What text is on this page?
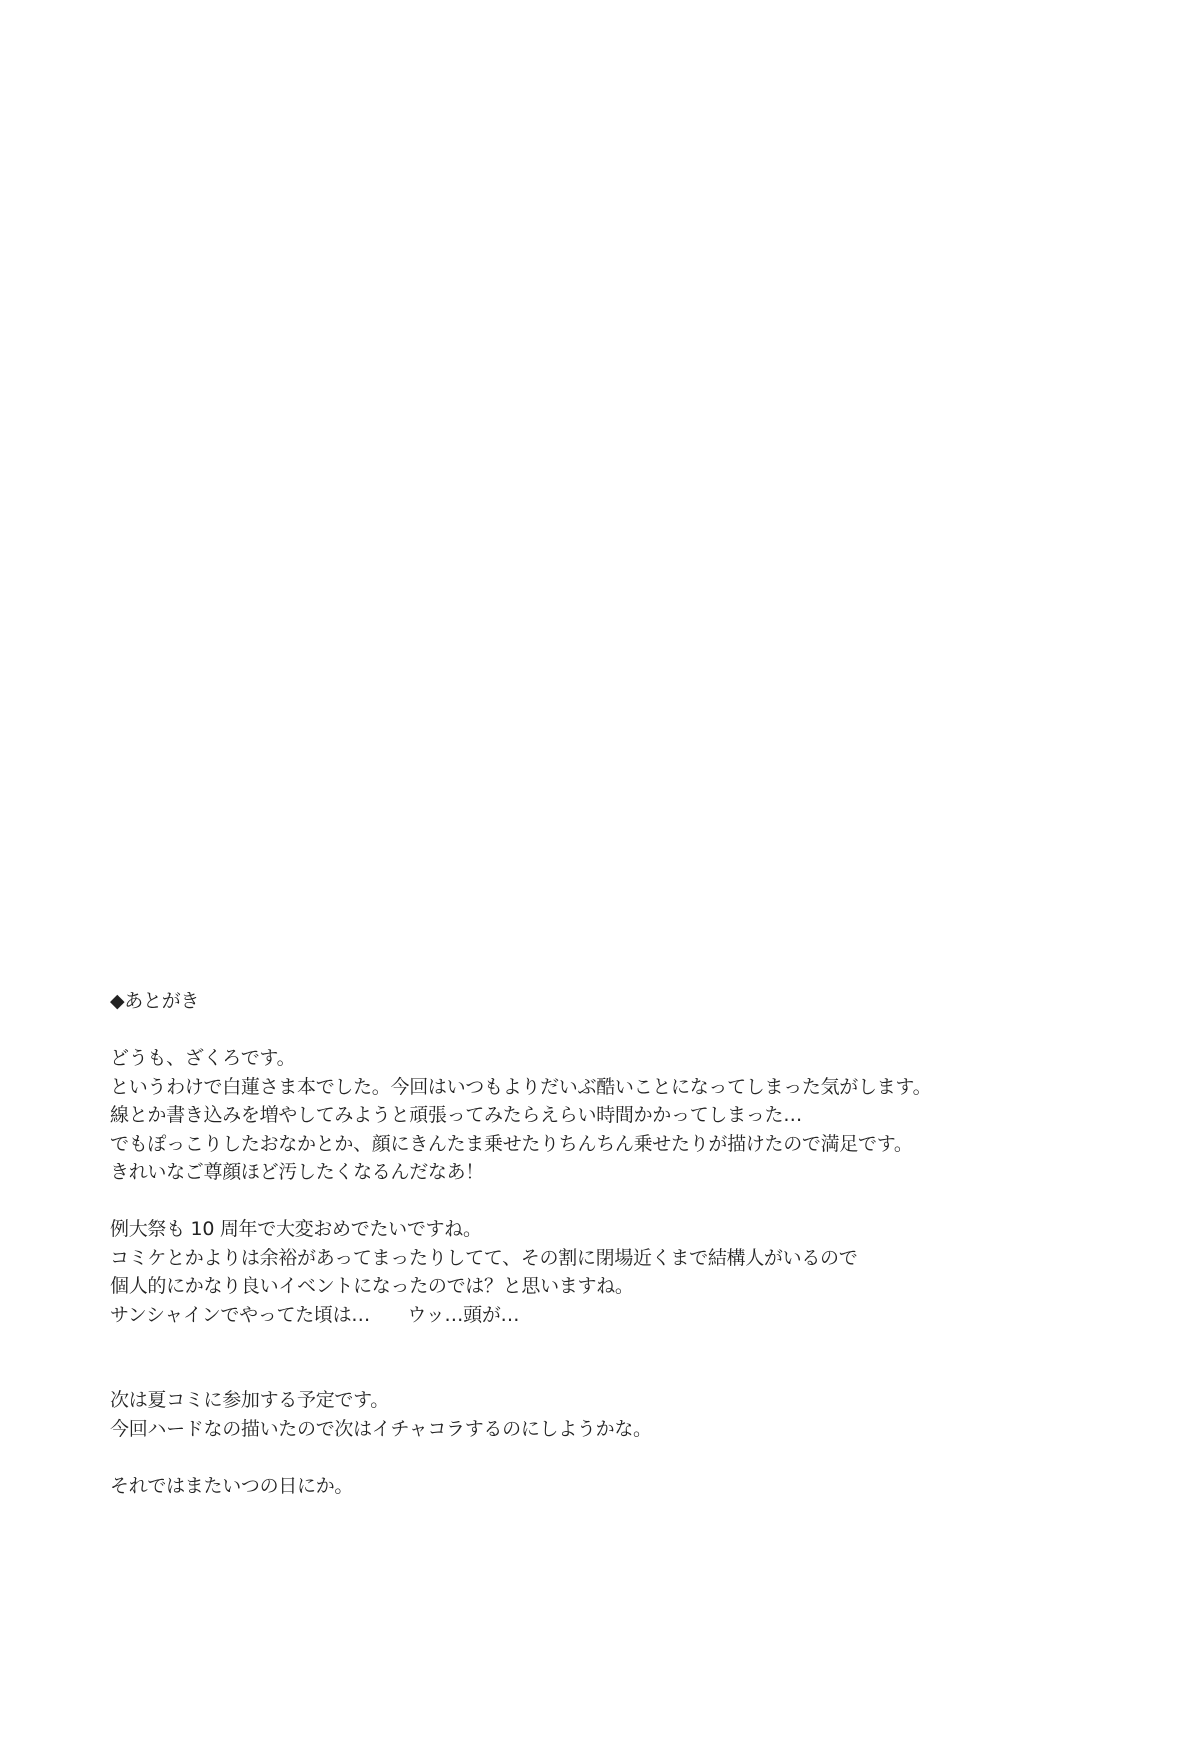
◆あとがき
どうも、ざくろです。
というわけで白蓮さま本でした。今回はいつもよりだいぶ酷いことになってしまった気がします。
線とか書き込みを増やしてみようと頑張ってみたらえらい時間かかってしまった…
でもぽっこりしたおなかとか、顔にきんたま乗せたりちんちん乗せたりが描けたので満足です。
きれいなご尊顔ほど汚したくなるんだなあ！
例大祭も 10 周年で大変おめでたいですね。
コミケとかよりは余裕があってまったりしてて、その割に閉場近くまで結構人がいるので
個人的にかなり良いイベントになったのでは？と思いますね。
サンシャインでやってた頃は…　　ウッ…頭が…
次は夏コミに参加する予定です。
今回ハードなの描いたので次はイチャコラするのにしようかな。
それではまたいつの日にか。
